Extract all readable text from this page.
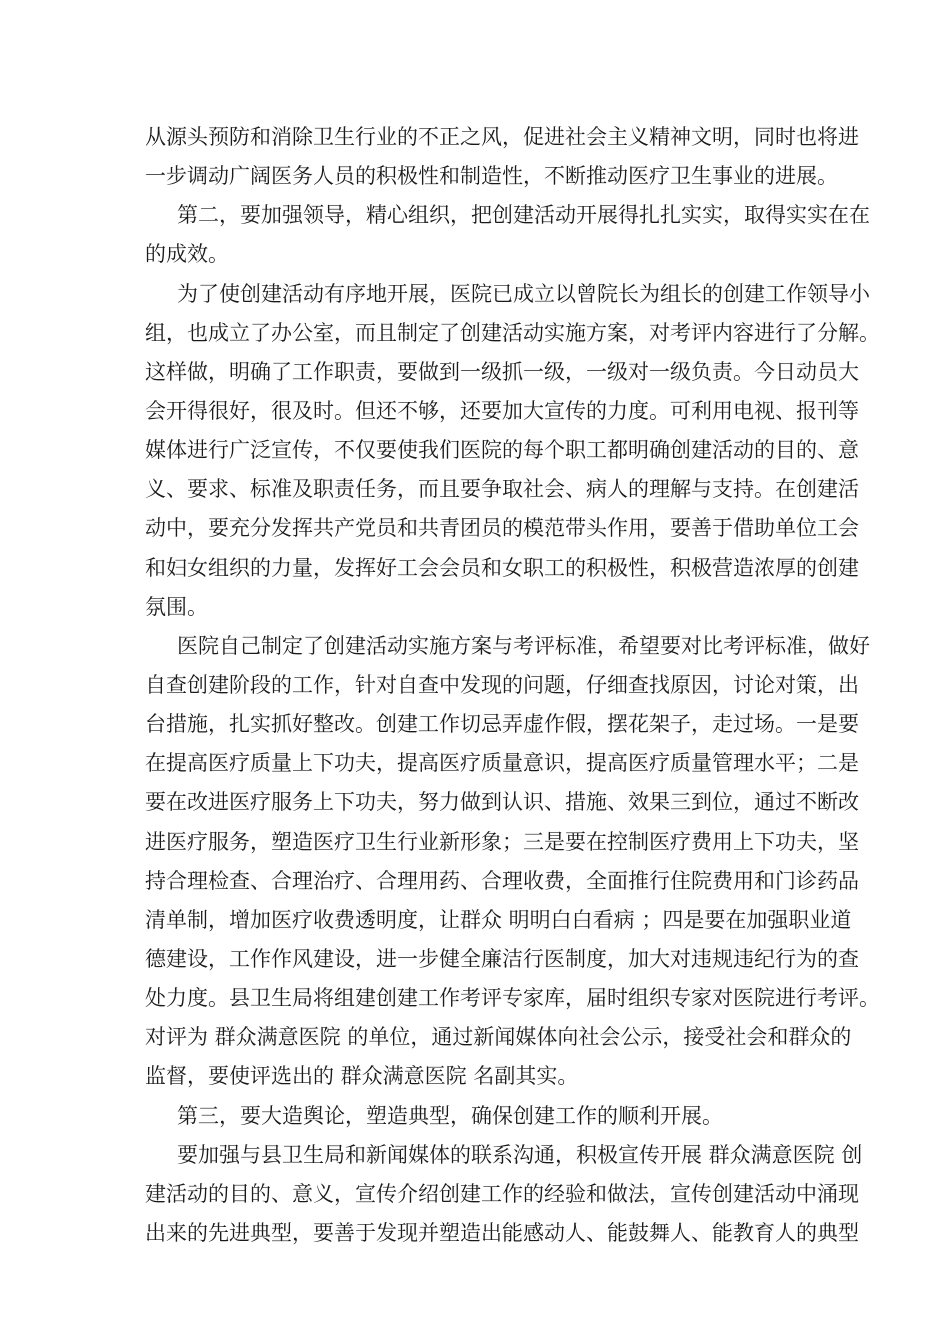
从源头预防和消除卫生行业的不正之风，促进社会主义精神文明，同时也将进
一步调动广阔医务人员的积极性和制造性，不断推动医疗卫生事业的进展。
第二，要加强领导，精心组织，把创建活动开展得扎扎实实，取得实实在在
的成效。
为了使创建活动有序地开展，医院已成立以曾院长为组长的创建工作领导小
组，也成立了办公室，而且制定了创建活动实施方案，对考评内容进行了分解。
这样做，明确了工作职责，要做到一级抓一级，一级对一级负责。今日动员大
会开得很好，很及时。但还不够，还要加大宣传的力度。可利用电视、报刊等
媒体进行广泛宣传，不仅要使我们医院的每个职工都明确创建活动的目的、意
义、要求、标准及职责任务，而且要争取社会、病人的理解与支持。在创建活
动中，要充分发挥共产党员和共青团员的模范带头作用，要善于借助单位工会
和妇女组织的力量，发挥好工会会员和女职工的积极性，积极营造浓厚的创建
氛围。
医院自己制定了创建活动实施方案与考评标准，希望要对比考评标准，做好
自查创建阶段的工作，针对自查中发现的问题，仔细查找原因，讨论对策，出
台措施，扎实抓好整改。创建工作切忌弄虚作假，摆花架子，走过场。一是要
在提高医疗质量上下功夫，提高医疗质量意识，提高医疗质量管理水平；二是
要在改进医疗服务上下功夫，努力做到认识、措施、效果三到位，通过不断改
进医疗服务，塑造医疗卫生行业新形象；三是要在控制医疗费用上下功夫，坚
持合理检查、合理治疗、合理用药、合理收费，全面推行住院费用和门诊药品
清单制，增加医疗收费透明度，让群众 明明白白看病 ；四是要在加强职业道
德建设，工作作风建设，进一步健全廉洁行医制度，加大对违规违纪行为的查
处力度。县卫生局将组建创建工作考评专家库，届时组织专家对医院进行考评。
对评为 群众满意医院 的单位，通过新闻媒体向社会公示，接受社会和群众的
监督，要使评选出的 群众满意医院 名副其实。
第三，要大造舆论，塑造典型，确保创建工作的顺利开展。
要加强与县卫生局和新闻媒体的联系沟通，积极宣传开展 群众满意医院 创
建活动的目的、意义，宣传介绍创建工作的经验和做法，宣传创建活动中涌现
出来的先进典型，要善于发现并塑造出能感动人、能鼓舞人、能教育人的典型
